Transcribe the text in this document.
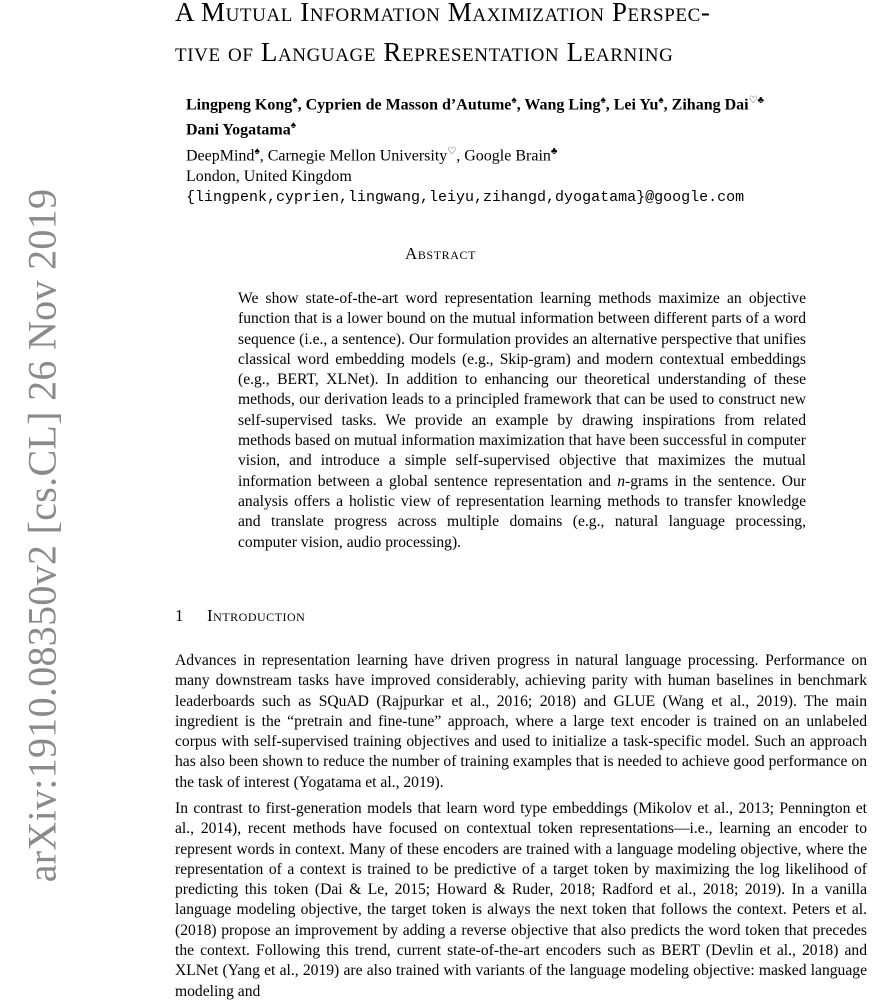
arXiv:1910.08350v2 [cs.CL] 26 Nov 2019
A Mutual Information Maximization Perspec-
tive of Language Representation Learning
Lingpeng Kong♠, Cyprien de Masson d’Autume♠, Wang Ling♠, Lei Yu♠, Zihang Dai♡♣
Dani Yogatama♠
DeepMind♠, Carnegie Mellon University♡, Google Brain♣
London, United Kingdom
{lingpenk,cyprien,lingwang,leiyu,zihangd,dyogatama}@google.com
Abstract

We show state-of-the-art word representation learning methods maximize an objective function that is a lower bound on the mutual information between different parts of a word sequence (i.e., a sentence). Our formulation provides an alternative perspective that unifies classical word embedding models (e.g., Skip-gram) and modern contextual embeddings (e.g., BERT, XLNet). In addition to enhancing our theoretical understanding of these methods, our derivation leads to a principled framework that can be used to construct new self-supervised tasks. We provide an example by drawing inspirations from related methods based on mutual information maximization that have been successful in computer vision, and introduce a simple self-supervised objective that maximizes the mutual information between a global sentence representation and n-grams in the sentence. Our analysis offers a holistic view of representation learning methods to transfer knowledge and translate progress across multiple domains (e.g., natural language processing, computer vision, audio processing).

1 Introduction

Advances in representation learning have driven progress in natural language processing. Performance on many downstream tasks have improved considerably, achieving parity with human baselines in benchmark leaderboards such as SQuAD (Rajpurkar et al., 2016; 2018) and GLUE (Wang et al., 2019). The main ingredient is the “pretrain and fine-tune” approach, where a large text encoder is trained on an unlabeled corpus with self-supervised training objectives and used to initialize a task-specific model. Such an approach has also been shown to reduce the number of training examples that is needed to achieve good performance on the task of interest (Yogatama et al., 2019).

In contrast to first-generation models that learn word type embeddings (Mikolov et al., 2013; Pennington et al., 2014), recent methods have focused on contextual token representations—i.e., learning an encoder to represent words in context. Many of these encoders are trained with a language modeling objective, where the representation of a context is trained to be predictive of a target token by maximizing the log likelihood of predicting this token (Dai & Le, 2015; Howard & Ruder, 2018; Radford et al., 2018; 2019). In a vanilla language modeling objective, the target token is always the next token that follows the context. Peters et al. (2018) propose an improvement by adding a reverse objective that also predicts the word token that precedes the context. Following this trend, current state-of-the-art encoders such as BERT (Devlin et al., 2018) and XLNet (Yang et al., 2019) are also trained with variants of the language modeling objective: masked language modeling and
